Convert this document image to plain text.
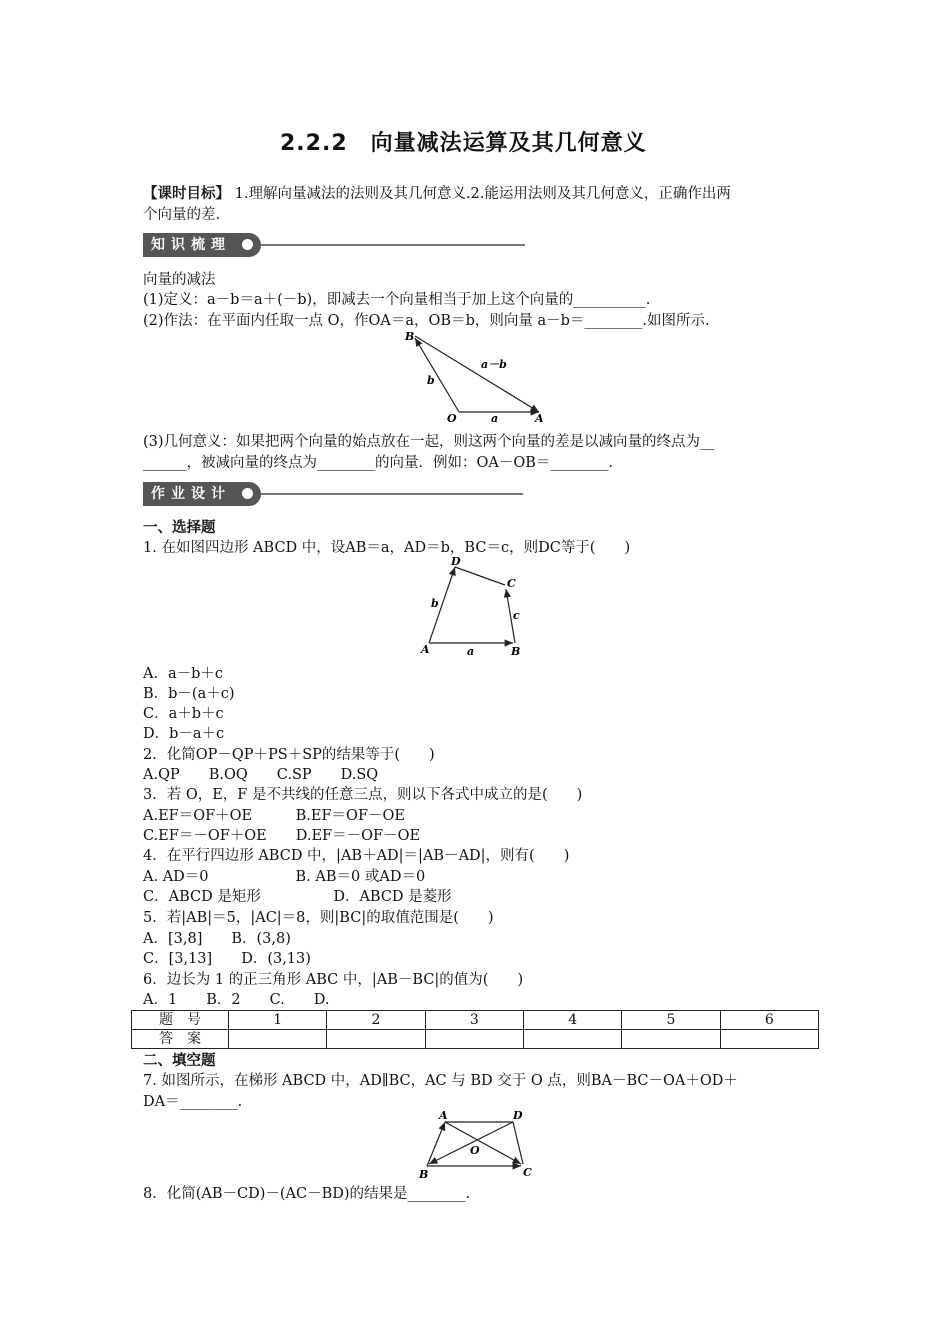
2.2.2　向量减法运算及其几何意义
【课时目标】 1.理解向量减法的法则及其几何意义.2.能运用法则及其几何意义，正确作出两
个向量的差.
知识梳理
向量的减法
(1)定义：a－b＝a＋(－b)，即减去一个向量相当于加上这个向量的__________.
(2)作法：在平面内任取一点 O，作OA＝a，OB＝b，则向量 a－b＝________.如图所示.
B
O	A
a
b
a－b
(3)几何意义：如果把两个向量的始点放在一起，则这两个向量的差是以减向量的终点为__
______，被减向量的终点为________的向量．例如：OA－OB＝________.
作业设计
一、选择题
1. 在如图四边形 ABCD 中，设AB＝a，AD＝b，BC＝c，则DC等于(　　)
D
C
A	B
a
b
c
A．a－b＋c
B．b－(a＋c)
C．a＋b＋c
D．b－a＋c
2．化简OP－QP＋PS＋SP的结果等于(　　)
A.QP　　B.OQ　　C.SP　　D.SQ
3．若 O，E，F 是不共线的任意三点，则以下各式中成立的是(　　)
A.EF＝OF＋OE　　　B.EF＝OF－OE
C.EF＝－OF＋OE　　D.EF＝－OF－OE
4．在平行四边形 ABCD 中，|AB＋AD|＝|AB－AD|，则有(　　)
A. AD＝0　　　　　　B. AB＝0 或AD＝0
C．ABCD 是矩形　　　　　D．ABCD 是菱形
5．若|AB|＝5，|AC|＝8，则|BC|的取值范围是(　　)
A．[3,8]　　B．(3,8)
C．[3,13]　　D．(3,13)
6．边长为 1 的正三角形 ABC 中，|AB－BC|的值为(　　)
A．1　　B．2　　C.　　D.
题　号	1	2	3	4	5	6
答　案						
二、填空题
7. 如图所示，在梯形 ABCD 中，AD∥BC，AC 与 BD 交于 O 点，则BA－BC－OA＋OD＋
DA＝________.
A	D
B	C
O
8．化简(AB－CD)－(AC－BD)的结果是________.
